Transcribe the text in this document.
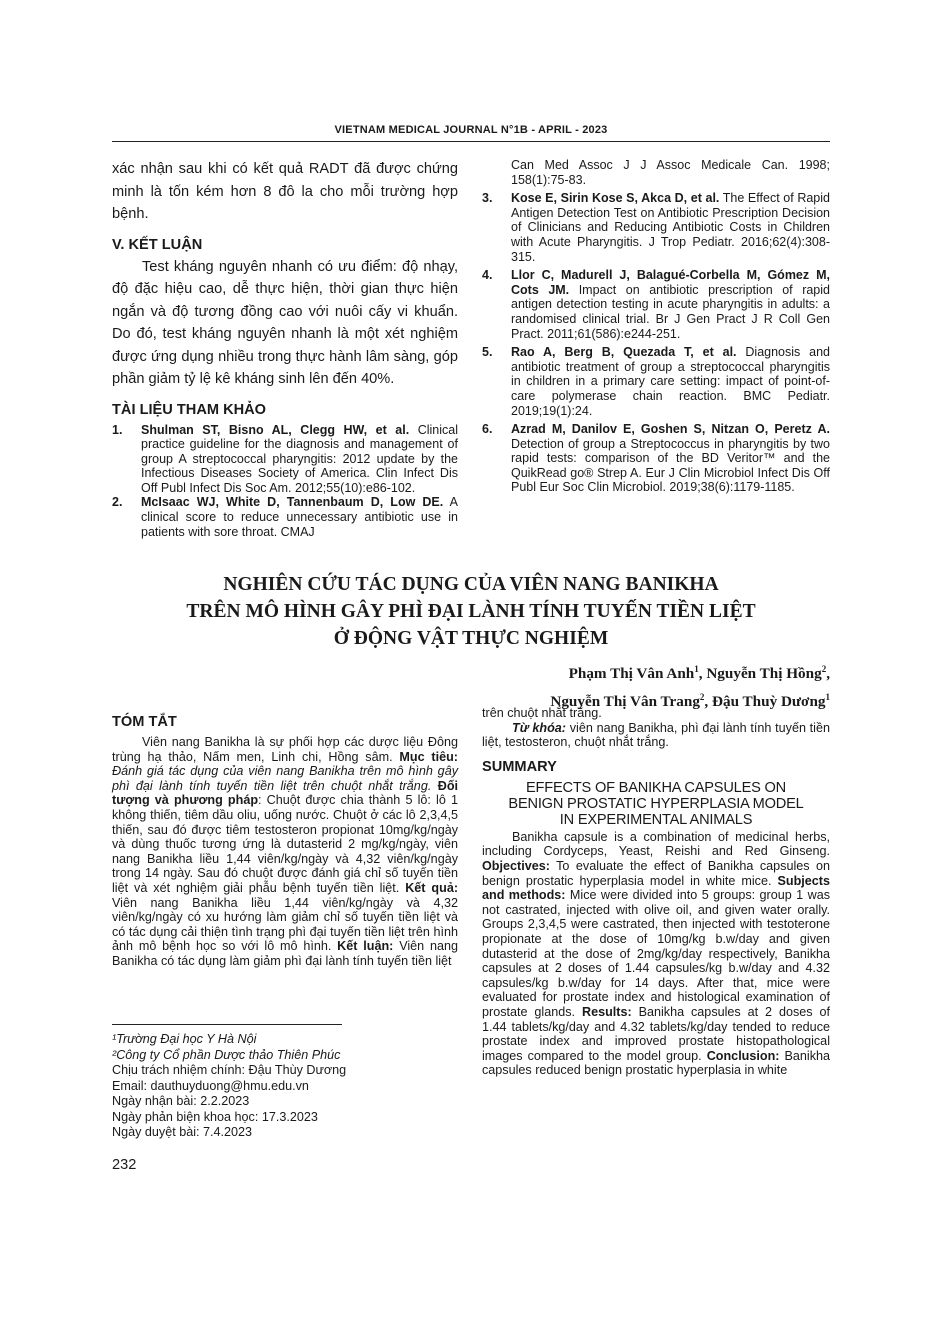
VIETNAM MEDICAL JOURNAL N°1B - APRIL - 2023

xác nhận sau khi có kết quả RADT đã được chứng minh là tốn kém hơn 8 đô la cho mỗi trường hợp bệnh.

V. KẾT LUẬN

Test kháng nguyên nhanh có ưu điểm: độ nhạy, độ đặc hiệu cao, dễ thực hiện, thời gian thực hiện ngắn và độ tương đồng cao với nuôi cấy vi khuẩn. Do đó, test kháng nguyên nhanh là một xét nghiệm được ứng dụng nhiều trong thực hành lâm sàng, góp phần giảm tỷ lệ kê kháng sinh lên đến 40%.

TÀI LIỆU THAM KHẢO

1. Shulman ST, Bisno AL, Clegg HW, et al. Clinical practice guideline for the diagnosis and management of group A streptococcal pharyngitis: 2012 update by the Infectious Diseases Society of America. Clin Infect Dis Off Publ Infect Dis Soc Am. 2012;55(10):e86-102.

2. McIsaac WJ, White D, Tannenbaum D, Low DE. A clinical score to reduce unnecessary antibiotic use in patients with sore throat. CMAJ

Can Med Assoc J J Assoc Medicale Can. 1998; 158(1):75-83.

3. Kose E, Sirin Kose S, Akca D, et al. The Effect of Rapid Antigen Detection Test on Antibiotic Prescription Decision of Clinicians and Reducing Antibiotic Costs in Children with Acute Pharyngitis. J Trop Pediatr. 2016;62(4):308-315.

4. Llor C, Madurell J, Balagué-Corbella M, Gómez M, Cots JM. Impact on antibiotic prescription of rapid antigen detection testing in acute pharyngitis in adults: a randomised clinical trial. Br J Gen Pract J R Coll Gen Pract. 2011;61(586):e244-251.

5. Rao A, Berg B, Quezada T, et al. Diagnosis and antibiotic treatment of group a streptococcal pharyngitis in children in a primary care setting: impact of point-of-care polymerase chain reaction. BMC Pediatr. 2019;19(1):24.

6. Azrad M, Danilov E, Goshen S, Nitzan O, Peretz A. Detection of group a Streptococcus in pharyngitis by two rapid tests: comparison of the BD Veritor™ and the QuikRead go® Strep A. Eur J Clin Microbiol Infect Dis Off Publ Eur Soc Clin Microbiol. 2019;38(6):1179-1185.

NGHIÊN CỨU TÁC DỤNG CỦA VIÊN NANG BANIKHA
TRÊN MÔ HÌNH GÂY PHÌ ĐẠI LÀNH TÍNH TUYẾN TIỀN LIỆT
Ở ĐỘNG VẬT THỰC NGHIỆM
Phạm Thị Vân Anh$^1$, Nguyễn Thị Hồng$^2$,
Nguyễn Thị Vân Trang$^2$, Đậu Thuỳ Dương$^1$

TÓM TẮT

Viên nang Banikha là sự phối hợp các dược liệu Đông trùng hạ thảo, Nấm men, Linh chi, Hồng sâm. Mục tiêu: Đánh giá tác dụng của viên nang Banikha trên mô hình gây phì đại lành tính tuyến tiền liệt trên chuột nhắt trắng. Đối tượng và phương pháp: Chuột được chia thành 5 lô: lô 1 không thiến, tiêm dầu oliu, uống nước. Chuột ở các lô 2,3,4,5 thiến, sau đó được tiêm testosteron propionat 10mg/kg/ngày và dùng thuốc tương ứng là dutasterid 2 mg/kg/ngày, viên nang Banikha liều 1,44 viên/kg/ngày và 4,32 viên/kg/ngày trong 14 ngày. Sau đó chuột được đánh giá chỉ số tuyến tiền liệt và xét nghiệm giải phẫu bệnh tuyến tiền liệt. Kết quả: Viên nang Banikha liều 1,44 viên/kg/ngày và 4,32 viên/kg/ngày có xu hướng làm giảm chỉ số tuyến tiền liệt và có tác dụng cải thiện tình trạng phì đại tuyến tiền liệt trên hình ảnh mô bệnh học so với lô mô hình. Kết luận: Viên nang Banikha có tác dụng làm giảm phì đại lành tính tuyến tiền liệt

¹Trường Đại học Y Hà Nội
²Công ty Cổ phần Dược thảo Thiên Phúc
Chịu trách nhiệm chính: Đậu Thùy Dương
Email: dauthuyduong@hmu.edu.vn
Ngày nhận bài: 2.2.2023
Ngày phản biện khoa học: 17.3.2023
Ngày duyệt bài: 7.4.2023
232

trên chuột nhắt trắng.

Từ khóa: viên nang Banikha, phì đại lành tính tuyến tiền liệt, testosteron, chuột nhắt trắng.

SUMMARY

EFFECTS OF BANIKHA CAPSULES ON
BENIGN PROSTATIC HYPERPLASIA MODEL
IN EXPERIMENTAL ANIMALS

Banikha capsule is a combination of medicinal herbs, including Cordyceps, Yeast, Reishi and Red Ginseng. Objectives: To evaluate the effect of Banikha capsules on benign prostatic hyperplasia model in white mice. Subjects and methods: Mice were divided into 5 groups: group 1 was not castrated, injected with olive oil, and given water orally. Groups 2,3,4,5 were castrated, then injected with testoterone propionate at the dose of 10mg/kg b.w/day and given dutasterid at the dose of 2mg/kg/day respectively, Banikha capsules at 2 doses of 1.44 capsules/kg b.w/day and 4.32 capsules/kg b.w/day for 14 days. After that, mice were evaluated for prostate index and histological examination of prostate glands. Results: Banikha capsules at 2 doses of 1.44 tablets/kg/day and 4.32 tablets/kg/day tended to reduce prostate index and improved prostate histopathological images compared to the model group. Conclusion: Banikha capsules reduced benign prostatic hyperplasia in white
